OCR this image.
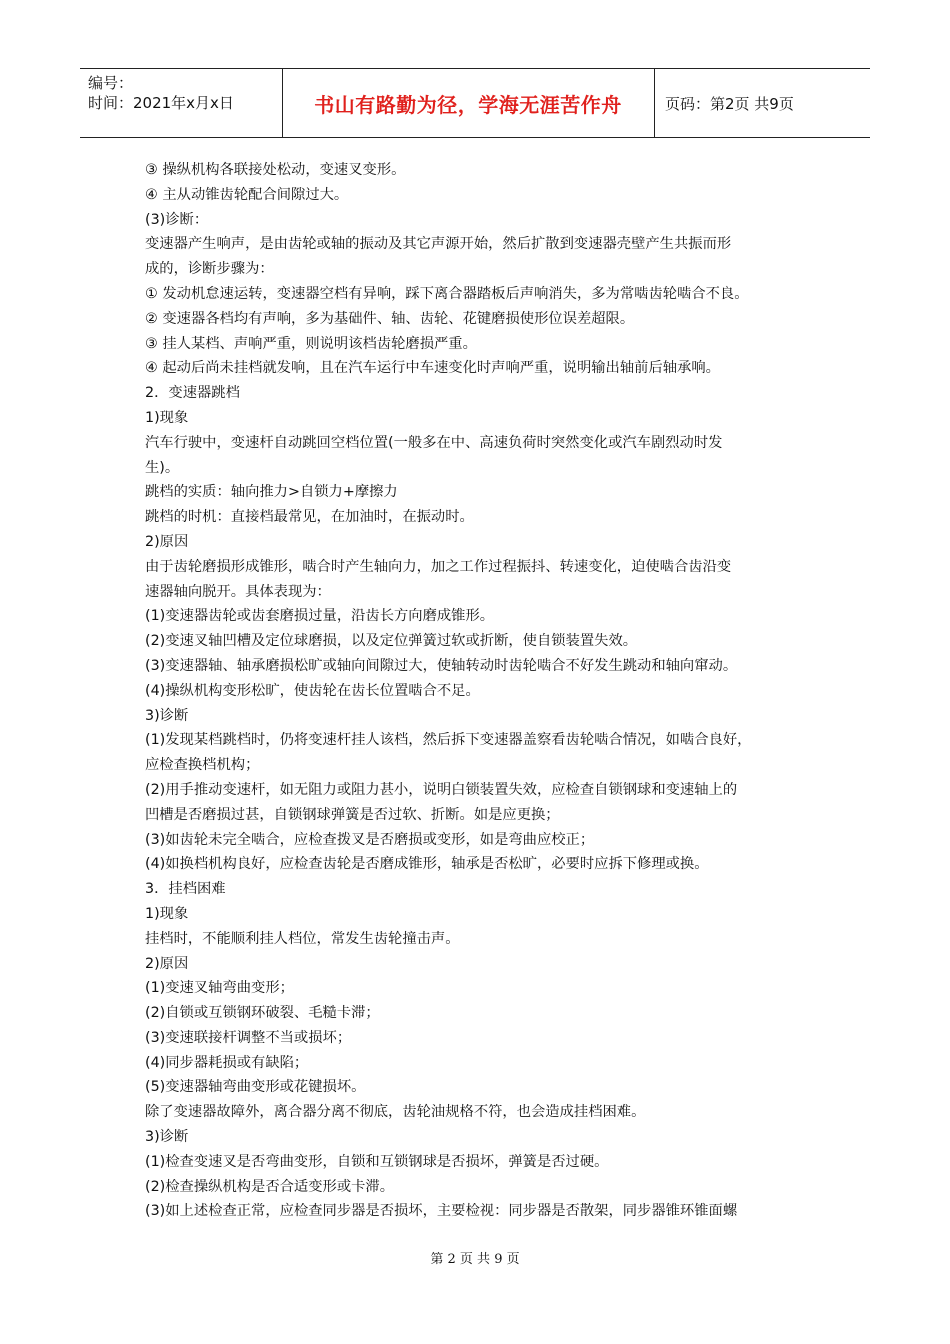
编号：
时间：2021年x月x日	书山有路勤为径，学海无涯苦作舟	页码：第2页 共9页
③ 操纵机构各联接处松动，变速叉变形。
④ 主从动锥齿轮配合间隙过大。
(3)诊断：
变速器产生响声，是由齿轮或轴的振动及其它声源开始，然后扩散到变速器壳壁产生共振而形
成的，诊断步骤为：
① 发动机怠速运转，变速器空档有异响，踩下离合器踏板后声响消失，多为常啮齿轮啮合不良。
② 变速器各档均有声响，多为基础件、轴、齿轮、花键磨损使形位误差超限。
③ 挂人某档、声响严重，则说明该档齿轮磨损严重。
④ 起动后尚未挂档就发响，且在汽车运行中车速变化时声响严重，说明输出轴前后轴承响。
2．变速器跳档
1)现象
汽车行驶中，变速杆自动跳回空档位置(一般多在中、高速负荷时突然变化或汽车剧烈动时发
生)。
跳档的实质：轴向推力>自锁力+摩擦力
跳档的时机：直接档最常见，在加油时，在振动时。
2)原因
由于齿轮磨损形成锥形，啮合时产生轴向力，加之工作过程振抖、转速变化，迫使啮合齿沿变
速器轴向脱开。具体表现为：
(1)变速器齿轮或齿套磨损过量，沿齿长方向磨成锥形。
(2)变速叉轴凹槽及定位球磨损，以及定位弹簧过软或折断，使自锁装置失效。
(3)变速器轴、轴承磨损松旷或轴向间隙过大，使轴转动时齿轮啮合不好发生跳动和轴向窜动。
(4)操纵机构变形松旷，使齿轮在齿长位置啮合不足。
3)诊断
(1)发现某档跳档时，仍将变速杆挂人该档，然后拆下变速器盖察看齿轮啮合情况，如啮合良好，
应检查换档机构；
(2)用手推动变速杆，如无阻力或阻力甚小，说明白锁装置失效，应检查自锁钢球和变速轴上的
凹槽是否磨损过甚，自锁钢球弹簧是否过软、折断。如是应更换；
(3)如齿轮未完全啮合，应检查拨叉是否磨损或变形，如是弯曲应校正；
(4)如换档机构良好，应检查齿轮是否磨成锥形，轴承是否松旷，必要时应拆下修理或换。
3．挂档困难
1)现象
挂档时，不能顺利挂人档位，常发生齿轮撞击声。
2)原因
(1)变速叉轴弯曲变形；
(2)自锁或互锁钢环破裂、毛糙卡滞；
(3)变速联接杆调整不当或损坏；
(4)同步器耗损或有缺陷；
(5)变速器轴弯曲变形或花键损坏。
除了变速器故障外，离合器分离不彻底，齿轮油规格不符，也会造成挂档困难。
3)诊断
(1)检查变速叉是否弯曲变形，自锁和互锁钢球是否损坏，弹簧是否过硬。
(2)检查操纵机构是否合适变形或卡滞。
(3)如上述检查正常，应检查同步器是否损坏，主要检视：同步器是否散架，同步器锥环锥面螺
第 2 页 共 9 页
